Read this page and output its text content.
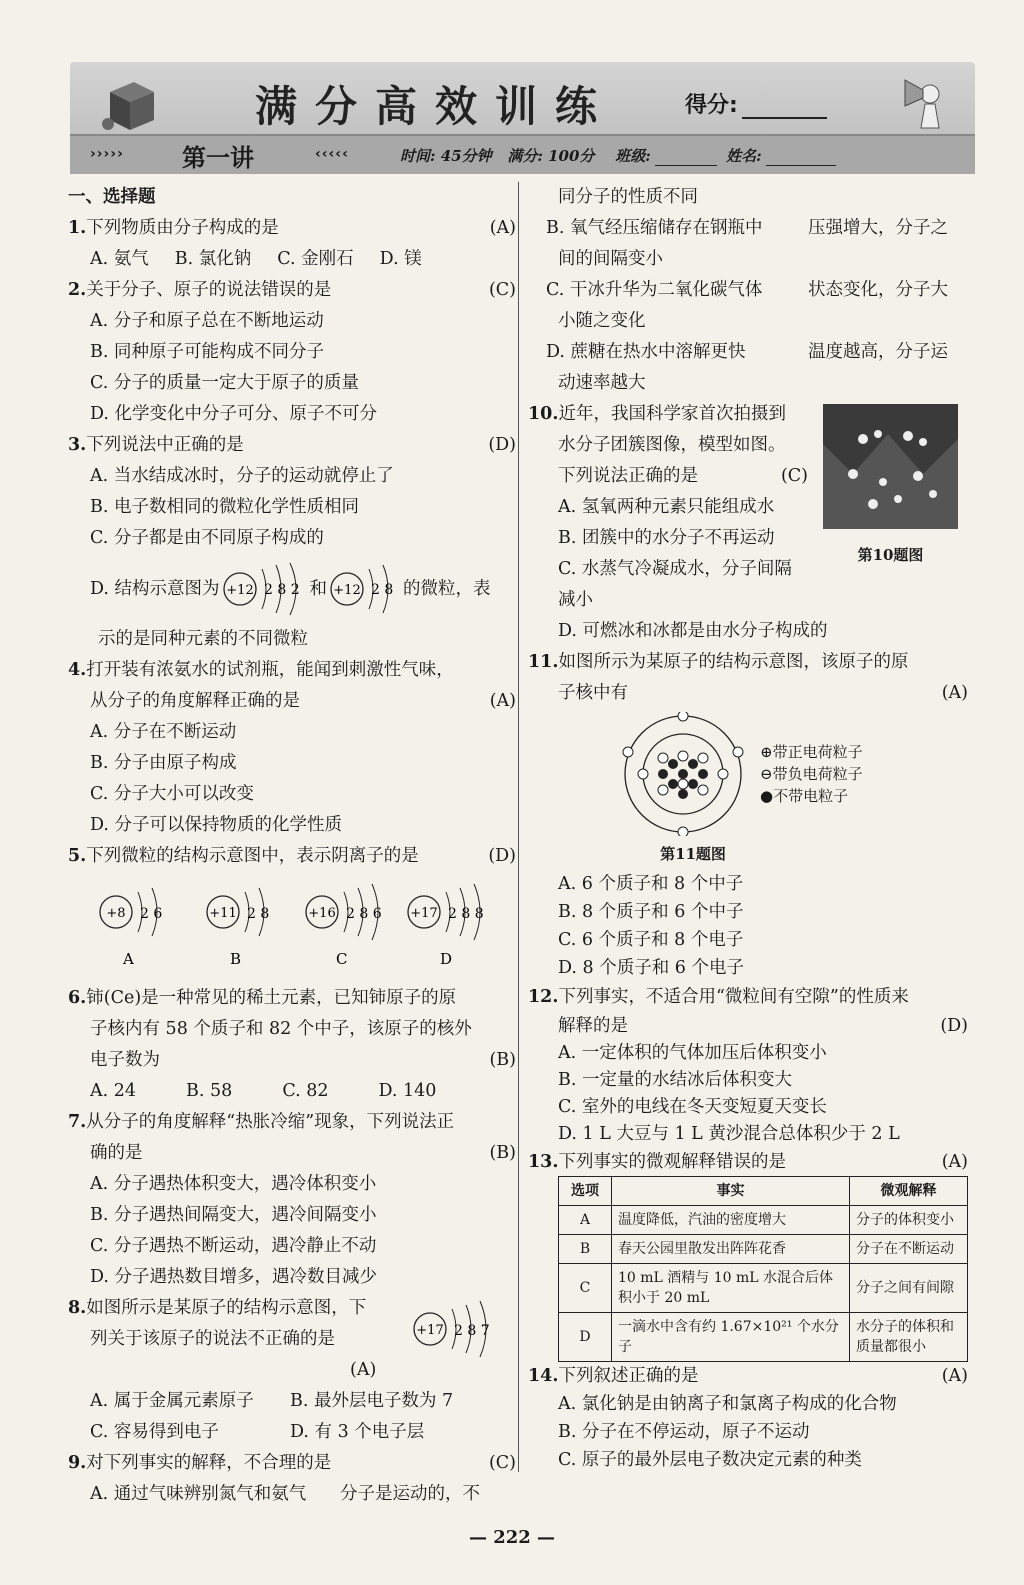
满分高效训练	得分:
››››› 第一讲	‹‹‹‹‹	时间: 45分钟 满分: 100分 班级:	姓名:
一、选择题
1.下列物质由分子构成的是	(A)
A. 氨气 B. 氯化钠 C. 金刚石 D. 镁
2.关于分子、原子的说法错误的是	(C)
A. 分子和原子总在不断地运动
B. 同种原子可能构成不同分子
C. 分子的质量一定大于原子的质量
D. 化学变化中分子可分、原子不可分
3.下列说法中正确的是	(D)
A. 当水结成冰时，分子的运动就停止了
B. 电子数相同的微粒化学性质相同
C. 分子都是由不同原子构成的
D. 结构示意图为 +12 2 8 2 和 +12 2 8 的微粒，表
示的是同种元素的不同微粒
4.打开装有浓氨水的试剂瓶，能闻到刺激性气味，
从分子的角度解释正确的是	(A)
A. 分子在不断运动
B. 分子由原子构成
C. 分子大小可以改变
D. 分子可以保持物质的化学性质
5.下列微粒的结构示意图中，表示阴离子的是	(D)
+8 2 6
A
+11 2 8
B
+16 2 8 6
C
+17 2 8 8
D
6.铈(Ce)是一种常见的稀土元素，已知铈原子的原
子核内有 58 个质子和 82 个中子，该原子的核外
电子数为	(B)
A. 24	B. 58	C. 82	D. 140
7.从分子的角度解释“热胀冷缩”现象，下列说法正
确的是	(B)
A. 分子遇热体积变大，遇冷体积变小
B. 分子遇热间隔变大，遇冷间隔变小
C. 分子遇热不断运动，遇冷静止不动
D. 分子遇热数目增多，遇冷数目减少
8.如图所示是某原子的结构示意图，下
列关于该原子的说法不正确的是
(A)
+17 2 8 7
A. 属于金属元素原子	B. 最外层电子数为 7
C. 容易得到电子	D. 有 3 个电子层
9.对下列事实的解释，不合理的是	(C)
A. 通过气味辨别氮气和氨气	分子是运动的，不
同分子的性质不同
B. 氧气经压缩储存在钢瓶中	压强增大，分子之
间的间隔变小
C. 干冰升华为二氧化碳气体	状态变化，分子大
小随之变化
D. 蔗糖在热水中溶解更快	温度越高，分子运
动速率越大
10.近年，我国科学家首次拍摄到
水分子团簇图像，模型如图。
下列说法正确的是	(C)
A. 氢氧两种元素只能组成水
B. 团簇中的水分子不再运动
C. 水蒸气冷凝成水，分子间隔
减小
D. 可燃冰和冰都是由水分子构成的
第10题图
11.如图所示为某原子的结构示意图，该原子的原
子核中有	(A)
⊕带正电荷粒子
⊖带负电荷粒子
●不带电粒子
第11题图
A. 6 个质子和 8 个中子
B. 8 个质子和 6 个中子
C. 6 个质子和 8 个电子
D. 8 个质子和 6 个电子
12.下列事实，不适合用“微粒间有空隙”的性质来
解释的是	(D)
A. 一定体积的气体加压后体积变小
B. 一定量的水结冰后体积变大
C. 室外的电线在冬天变短夏天变长
D. 1 L 大豆与 1 L 黄沙混合总体积少于 2 L
13.下列事实的微观解释错误的是	(A)
选项	事实	微观解释
A	温度降低，汽油的密度增大	分子的体积变小
B	春天公园里散发出阵阵花香	分子在不断运动
C	10 mL 酒精与 10 mL 水混合后体积小于 20 mL	分子之间有间隙
D	一滴水中含有约 1.67×10²¹ 个水分子	水分子的体积和质量都很小
14.下列叙述正确的是	(A)
A. 氯化钠是由钠离子和氯离子构成的化合物
B. 分子在不停运动，原子不运动
C. 原子的最外层电子数决定元素的种类
— 222 —
